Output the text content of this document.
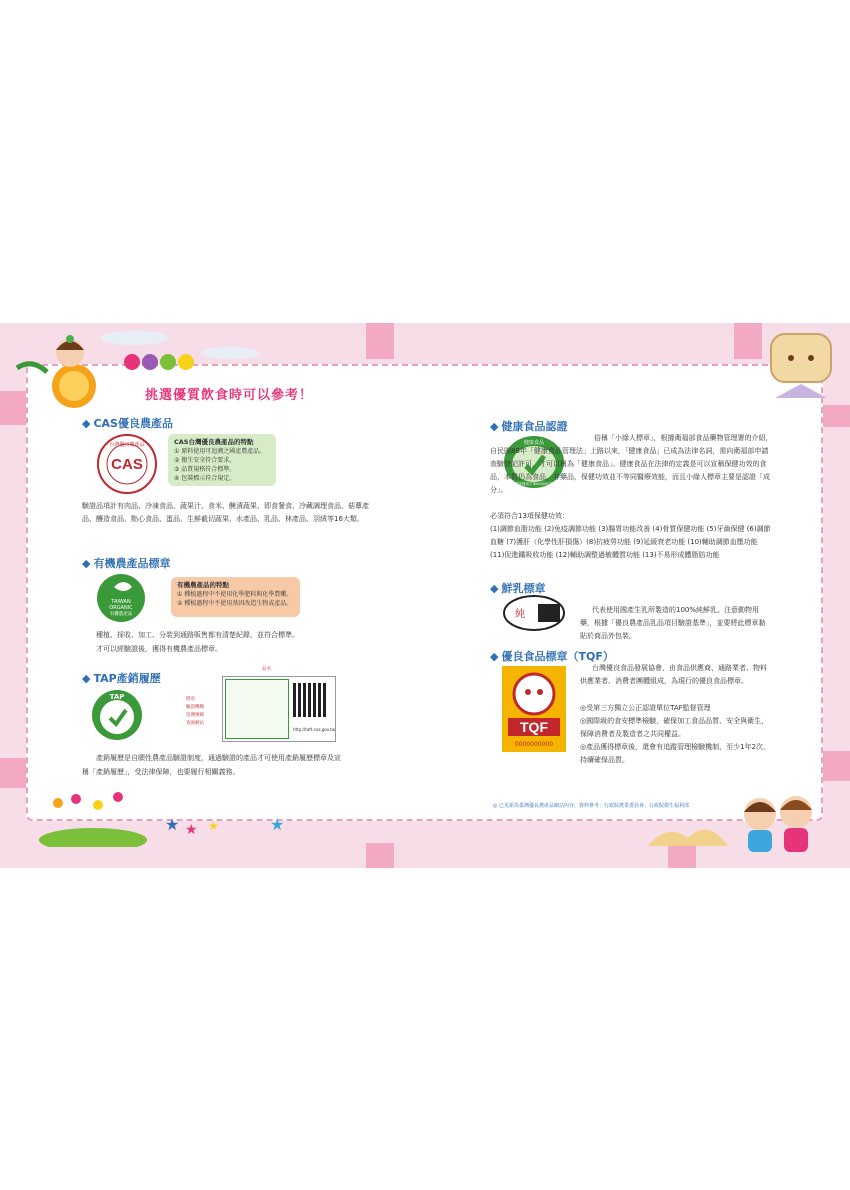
★ ★ ★	★
挑選優質飲食時可以參考！
◆ CAS優良農產品
CAS
台灣優良農產品	CAS台灣優良農產品的特點
① 原料使用可追溯之國產農產品。
② 衛生安全符合要求。
③ 品質規格符合標準。
④ 包裝標示符合規定。
驗證品項計有肉品、冷凍食品、蔬果汁、食米、醃漬蔬果、即食餐食、冷藏調理食品、菇蕈產品、釀造食品、點心食品、蛋品、生鮮截切蔬果、水產品、乳品、林產品、羽絨等16大類。
◆ 有機農產品標章
TAIWAN
ORGANIC
有機農產品
有機農產品的特點
① 種植過程中不使用化學肥料與化學農藥。
② 種植過程中不使用基因改造生物或產品。
種植、採收、加工、分裝到通路販售都有清楚紀錄，並符合標準。
才可以經驗證後，獲得有機農產品標章。
◆ TAP產銷履歷
TAP
http://taft.coa.gov.tw
標章
驗證機構
追溯號碼
查詢網站
品名
產銷履歷是自願性農產品驗證制度，通過驗證的產品才可使用產銷履歷標章及宣
稱「產銷履歷」，受法律保障，也要履行相關義務。
◆ 健康食品認證
健康食品
衛部健食字第A00000號
俗稱「小綠人標章」，根據衛福部食品藥物管理署的介紹，自民國88年「健康食品管理法」上路以來，「健康食品」已成為法律名詞，需向衛福部申請查驗登記許可，才可以稱為「健康食品」。健康食品在法律的定義是可以宣稱保健功效的食品，本質仍為食品，非藥品，保健功效並不等同醫療效能，而且小綠人標章主要是認證「成分」。
必須符合13項保健功效：
(1)調節血脂功能 (2)免疫調節功能 (3)腸胃功能改善 (4)骨質保健功能 (5)牙齒保健 (6)調節血糖 (7)護肝（化學性肝損傷）(8)抗疲勞功能 (9)延緩衰老功能 (10)輔助調節血壓功能 (11)促進鐵吸收功能 (12)輔助調整過敏體質功能 (13)不易形成體脂肪功能
◆ 鮮乳標章
純	代表使用國產生乳所製造的100%純鮮乳。注意動物用藥，根據「優良農產品乳品項目驗證基準」，並要將此標章黏貼於商品外包裝。
◆ 優良食品標章（TQF）
TQF
0000000000
台灣優良食品發展協會，由食品供應商、通路業者、物料供應業者、消費者團體組成，為現行的優良食品標章。
◎受第三方獨立公正認證單位TAF監督管理
◎國際級的食安標準檢驗，確保加工食品品質、安全與衛生，保障消費者及製造者之共同權益。
◎產品獲得標章後，還會有追蹤管理檢驗機制，至少1年2次，持續確保品質。
◎ 已更新為臺灣優良農產品網站內容，資料參考：行政院農業委員會、行政院衛生福利部
